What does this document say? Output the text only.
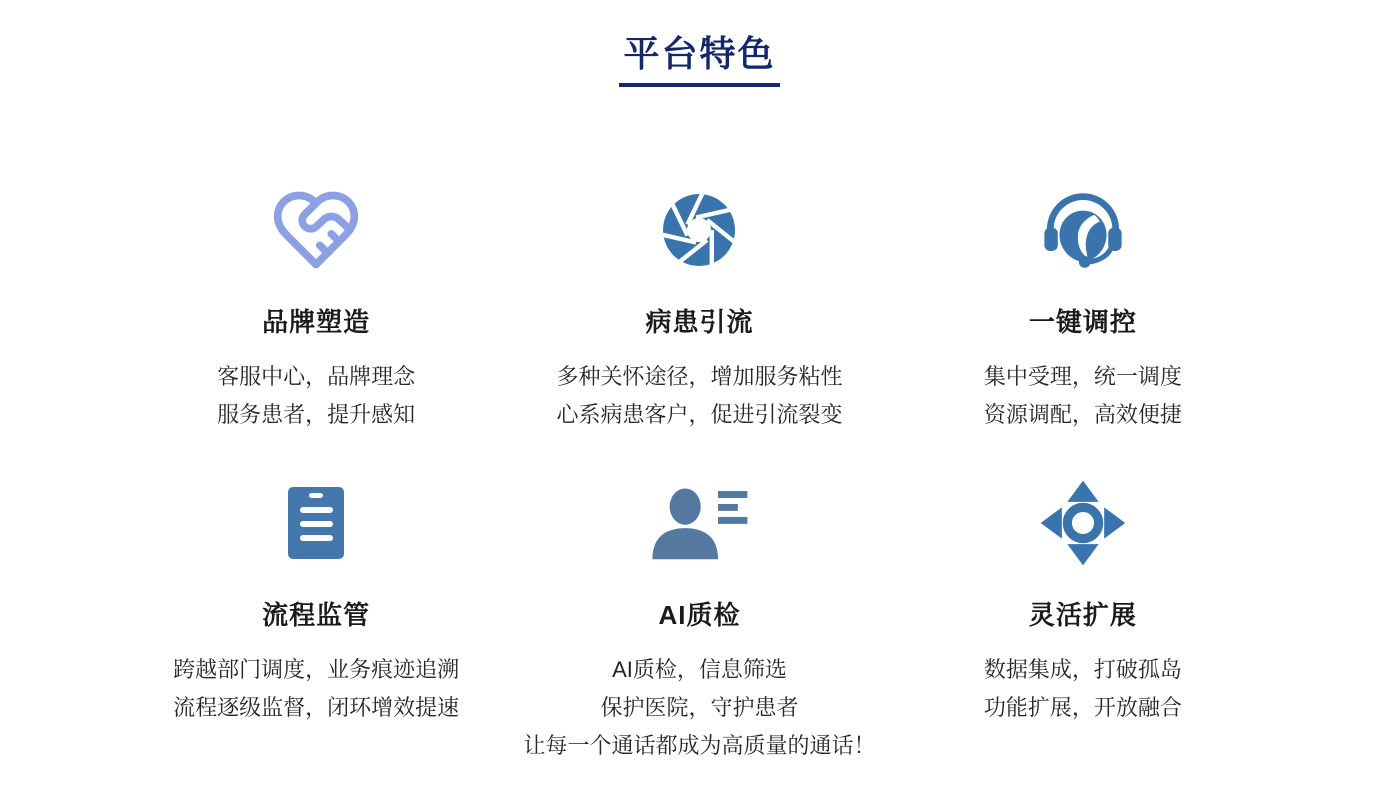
平台特色
品牌塑造
客服中心，品牌理念
服务患者，提升感知
病患引流
多种关怀途径，增加服务粘性
心系病患客户，促进引流裂变
一键调控
集中受理，统一调度
资源调配，高效便捷
流程监管
跨越部门调度，业务痕迹追溯
流程逐级监督，闭环增效提速
AI质检
AI质检，信息筛选
保护医院，守护患者
让每一个通话都成为高质量的通话！
灵活扩展
数据集成，打破孤岛
功能扩展，开放融合
